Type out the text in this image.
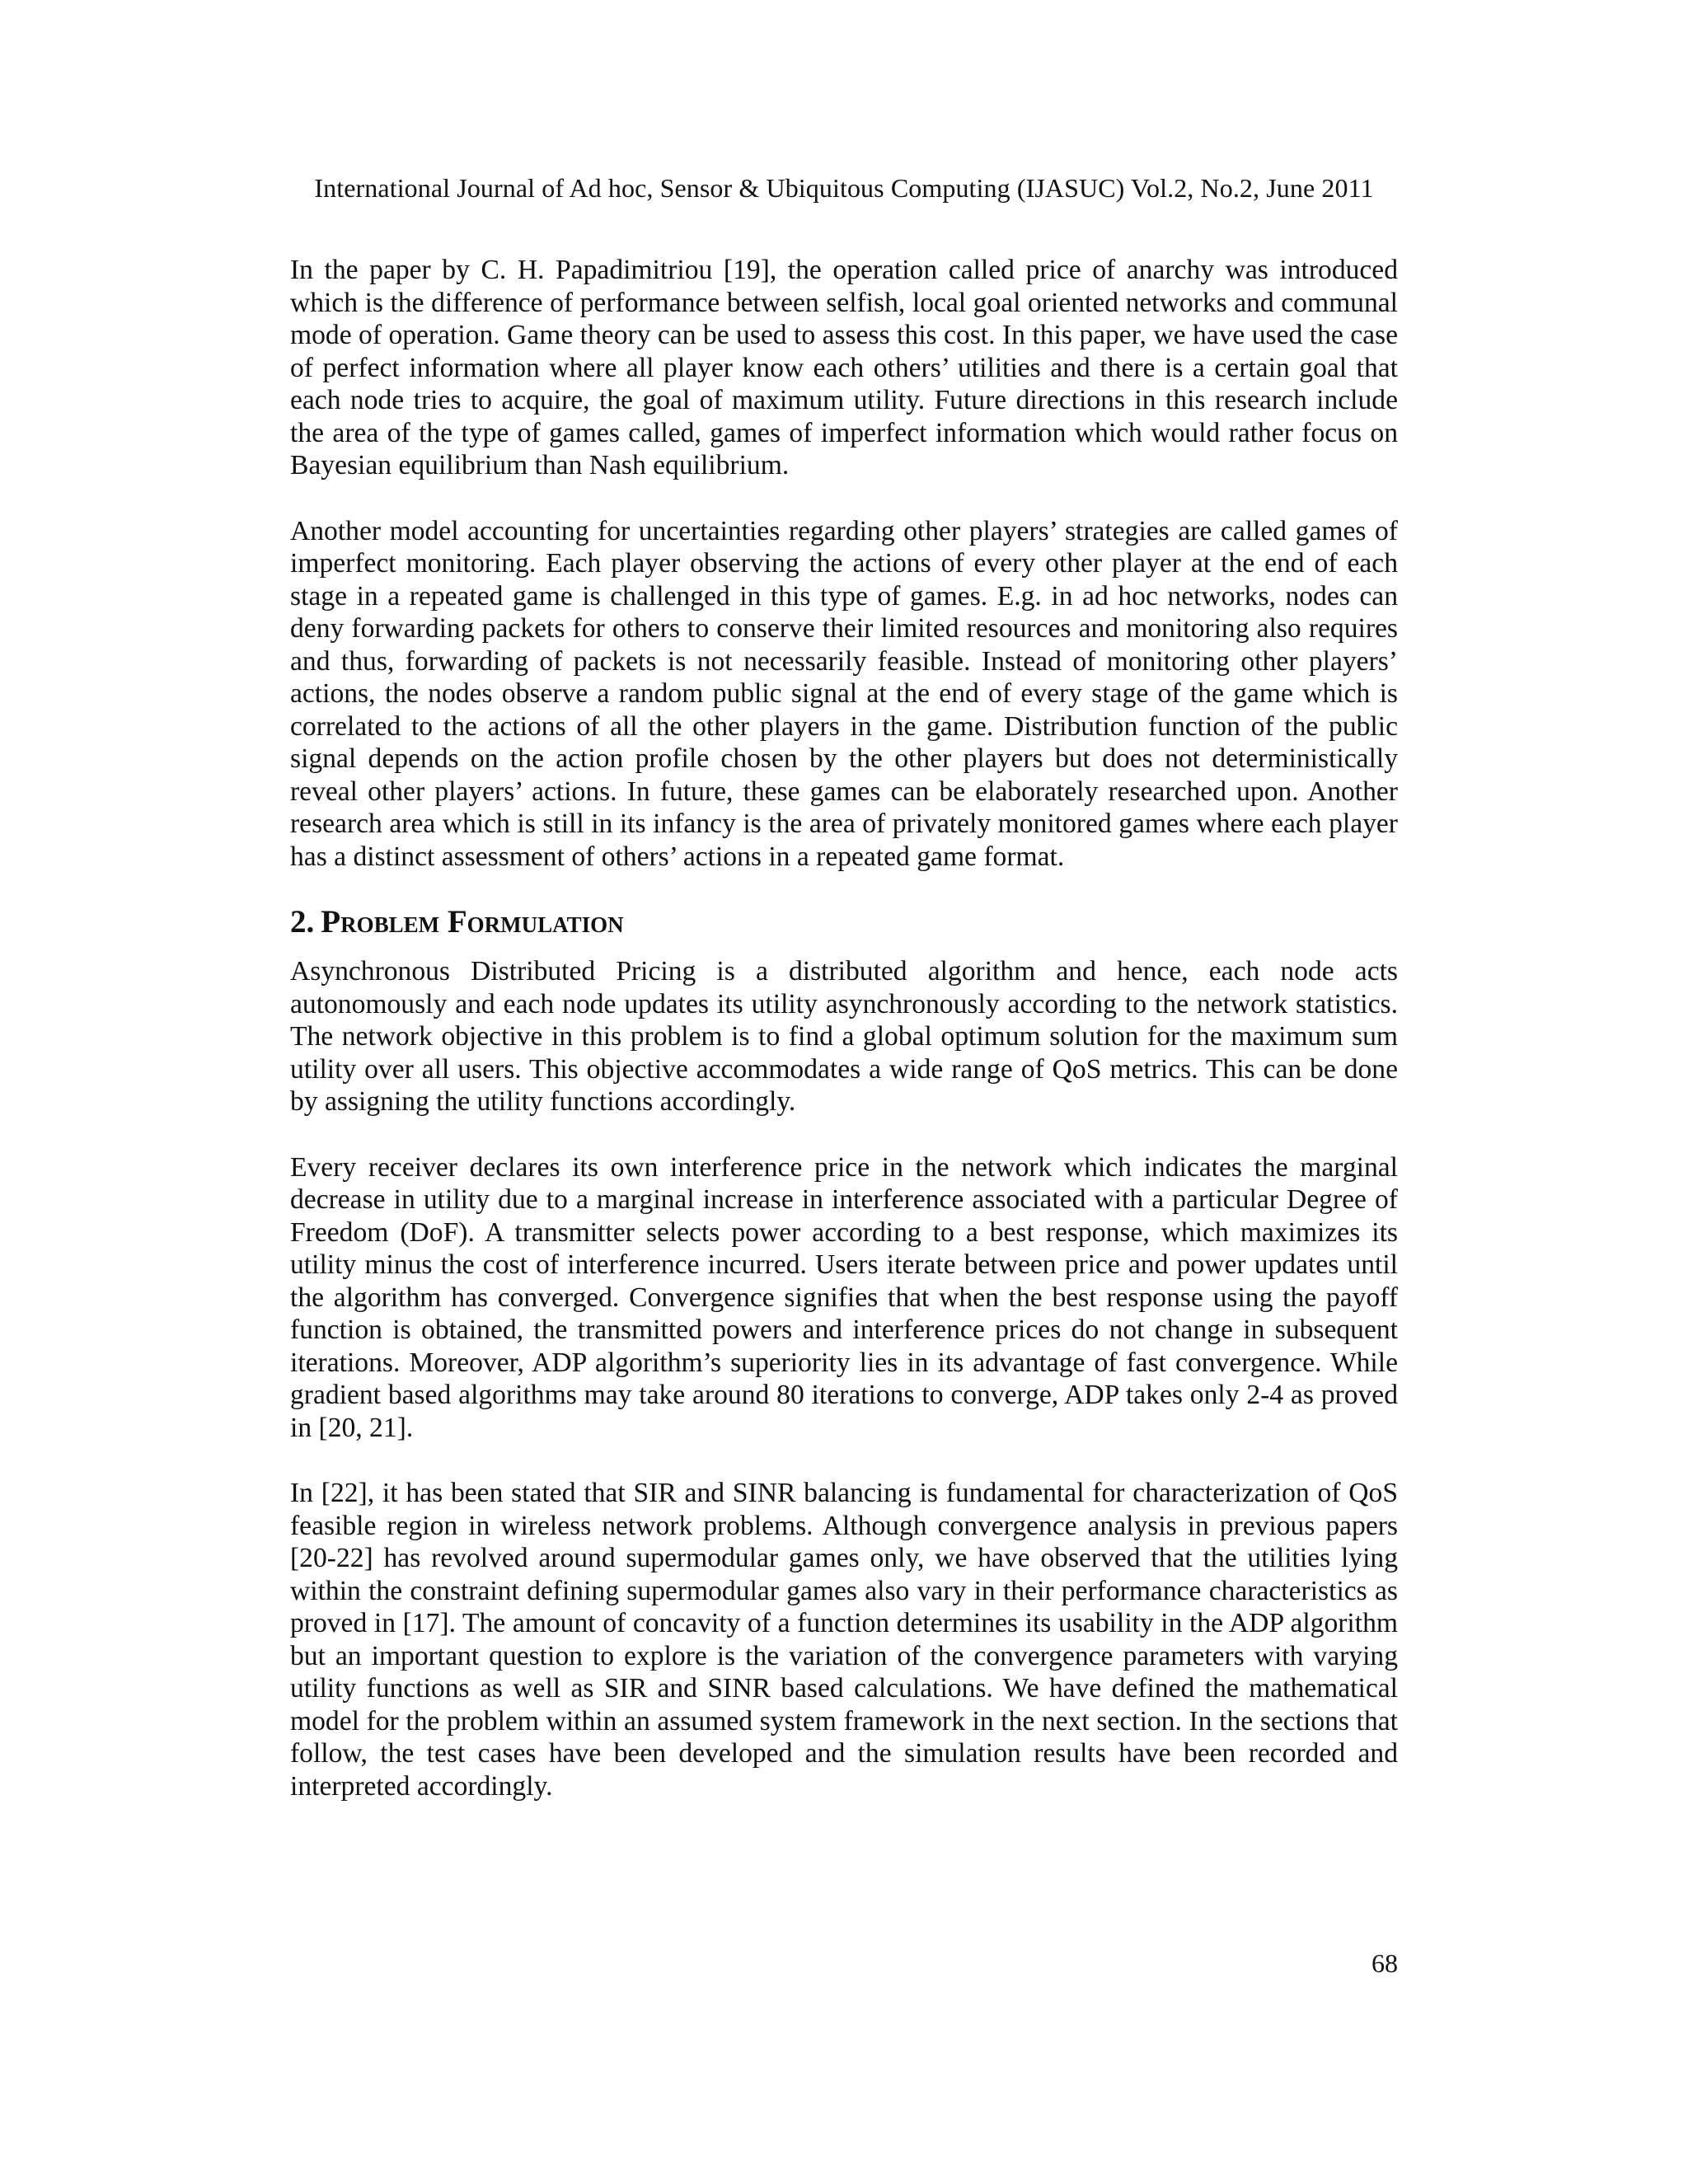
International Journal of Ad hoc, Sensor & Ubiquitous Computing (IJASUC) Vol.2, No.2, June 2011

In the paper by C. H. Papadimitriou [19], the operation called price of anarchy was introduced which is the difference of performance between selfish, local goal oriented networks and communal mode of operation. Game theory can be used to assess this cost. In this paper, we have used the case of perfect information where all player know each others’ utilities and there is a certain goal that each node tries to acquire, the goal of maximum utility. Future directions in this research include the area of the type of games called, games of imperfect information which would rather focus on Bayesian equilibrium than Nash equilibrium.

Another model accounting for uncertainties regarding other players’ strategies are called games of imperfect monitoring. Each player observing the actions of every other player at the end of each stage in a repeated game is challenged in this type of games. E.g. in ad hoc networks, nodes can deny forwarding packets for others to conserve their limited resources and monitoring also requires and thus, forwarding of packets is not necessarily feasible. Instead of monitoring other players’ actions, the nodes observe a random public signal at the end of every stage of the game which is correlated to the actions of all the other players in the game. Distribution function of the public signal depends on the action profile chosen by the other players but does not deterministically reveal other players’ actions. In future, these games can be elaborately researched upon. Another research area which is still in its infancy is the area of privately monitored games where each player has a distinct assessment of others’ actions in a repeated game format.

2. Problem Formulation

Asynchronous Distributed Pricing is a distributed algorithm and hence, each node acts autonomously and each node updates its utility asynchronously according to the network statistics. The network objective in this problem is to find a global optimum solution for the maximum sum utility over all users. This objective accommodates a wide range of QoS metrics. This can be done by assigning the utility functions accordingly.

Every receiver declares its own interference price in the network which indicates the marginal decrease in utility due to a marginal increase in interference associated with a particular Degree of Freedom (DoF). A transmitter selects power according to a best response, which maximizes its utility minus the cost of interference incurred. Users iterate between price and power updates until the algorithm has converged. Convergence signifies that when the best response using the payoff function is obtained, the transmitted powers and interference prices do not change in subsequent iterations. Moreover, ADP algorithm’s superiority lies in its advantage of fast convergence. While gradient based algorithms may take around 80 iterations to converge, ADP takes only 2-4 as proved in [20, 21].

In [22], it has been stated that SIR and SINR balancing is fundamental for characterization of QoS feasible region in wireless network problems. Although convergence analysis in previous papers [20-22] has revolved around supermodular games only, we have observed that the utilities lying within the constraint defining supermodular games also vary in their performance characteristics as proved in [17]. The amount of concavity of a function determines its usability in the ADP algorithm but an important question to explore is the variation of the convergence parameters with varying utility functions as well as SIR and SINR based calculations. We have defined the mathematical model for the problem within an assumed system framework in the next section. In the sections that follow, the test cases have been developed and the simulation results have been recorded and interpreted accordingly.

68
